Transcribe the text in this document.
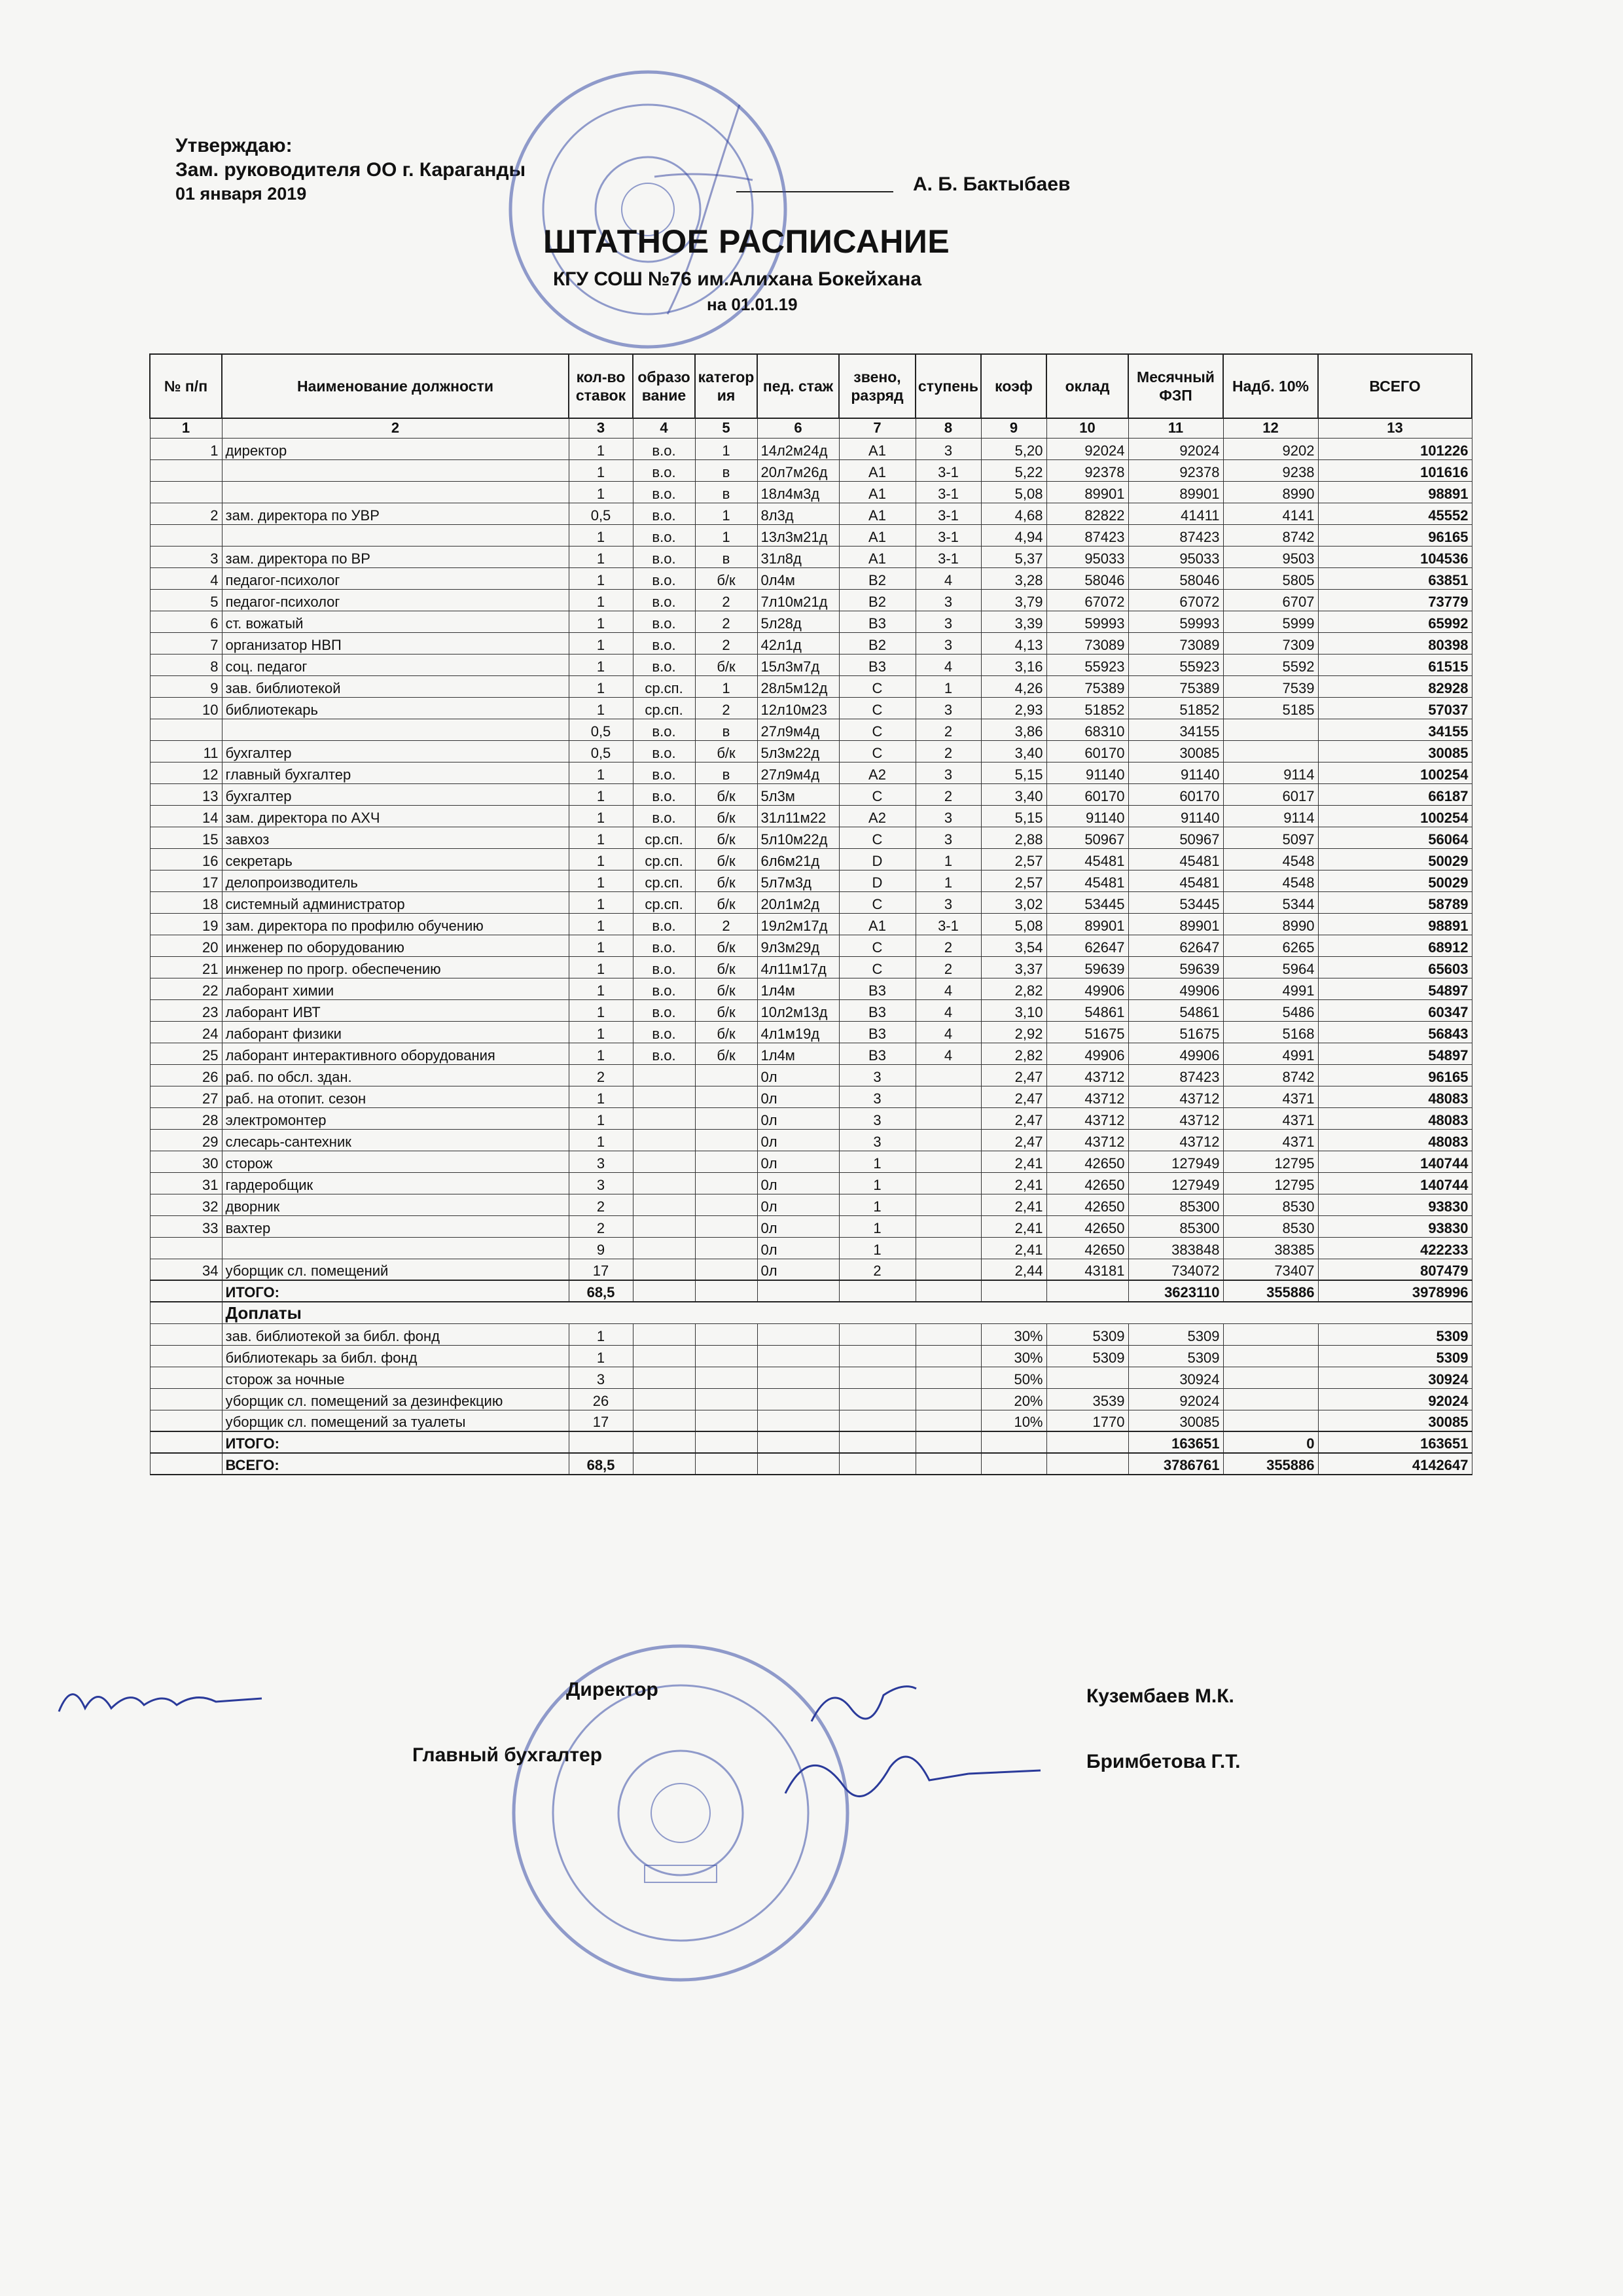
Утверждаю:
Зам. руководителя ОО г. Караганды
01 января 2019	А. Б. Бактыбаев
ШТАТНОЕ РАСПИСАНИЕ
КГУ СОШ №76 им.Алихана Бокейхана
на 01.01.19
№ п/п	Наименование должности	кол-во ставок	образо вание	категор ия	пед. стаж	звено, разряд	ступень	коэф	оклад	Месячный ФЗП	Надб. 10%	ВСЕГО
1	2	3	4	5	6	7	8	9	10	11	12	13
1	директор	1	в.о.	1	14л2м24д	A1	3	5,20	92024	92024	9202	101226
		1	в.о.	в	20л7м26д	A1	3-1	5,22	92378	92378	9238	101616
		1	в.о.	в	18л4м3д	A1	3-1	5,08	89901	89901	8990	98891
2	зам. директора по УВР	0,5	в.о.	1	8л3д	A1	3-1	4,68	82822	41411	4141	45552
		1	в.о.	1	13л3м21д	A1	3-1	4,94	87423	87423	8742	96165
3	зам. директора по ВР	1	в.о.	в	31л8д	A1	3-1	5,37	95033	95033	9503	104536
4	педагог-психолог	1	в.о.	б/к	0л4м	B2	4	3,28	58046	58046	5805	63851
5	педагог-психолог	1	в.о.	2	7л10м21д	B2	3	3,79	67072	67072	6707	73779
6	ст. вожатый	1	в.о.	2	5л28д	B3	3	3,39	59993	59993	5999	65992
7	организатор НВП	1	в.о.	2	42л1д	B2	3	4,13	73089	73089	7309	80398
8	соц. педагог	1	в.о.	б/к	15л3м7д	B3	4	3,16	55923	55923	5592	61515
9	зав. библиотекой	1	ср.сп.	1	28л5м12д	C	1	4,26	75389	75389	7539	82928
10	библиотекарь	1	ср.сп.	2	12л10м23	C	3	2,93	51852	51852	5185	57037
		0,5	в.о.	в	27л9м4д	C	2	3,86	68310	34155		34155
11	бухгалтер	0,5	в.о.	б/к	5л3м22д	C	2	3,40	60170	30085		30085
12	главный бухгалтер	1	в.о.	в	27л9м4д	A2	3	5,15	91140	91140	9114	100254
13	бухгалтер	1	в.о.	б/к	5л3м	C	2	3,40	60170	60170	6017	66187
14	зам. директора по АХЧ	1	в.о.	б/к	31л11м22	A2	3	5,15	91140	91140	9114	100254
15	завхоз	1	ср.сп.	б/к	5л10м22д	C	3	2,88	50967	50967	5097	56064
16	секретарь	1	ср.сп.	б/к	6л6м21д	D	1	2,57	45481	45481	4548	50029
17	делопроизводитель	1	ср.сп.	б/к	5л7м3д	D	1	2,57	45481	45481	4548	50029
18	системный администратор	1	ср.сп.	б/к	20л1м2д	C	3	3,02	53445	53445	5344	58789
19	зам. директора по профилю обучению	1	в.о.	2	19л2м17д	A1	3-1	5,08	89901	89901	8990	98891
20	инженер по оборудованию	1	в.о.	б/к	9л3м29д	C	2	3,54	62647	62647	6265	68912
21	инженер по прогр. обеспечению	1	в.о.	б/к	4л11м17д	C	2	3,37	59639	59639	5964	65603
22	лаборант химии	1	в.о.	б/к	1л4м	B3	4	2,82	49906	49906	4991	54897
23	лаборант ИВТ	1	в.о.	б/к	10л2м13д	B3	4	3,10	54861	54861	5486	60347
24	лаборант физики	1	в.о.	б/к	4л1м19д	B3	4	2,92	51675	51675	5168	56843
25	лаборант интерактивного оборудования	1	в.о.	б/к	1л4м	B3	4	2,82	49906	49906	4991	54897
26	раб. по обсл. здан.	2			0л	3		2,47	43712	87423	8742	96165
27	раб. на отопит. сезон	1			0л	3		2,47	43712	43712	4371	48083
28	электромонтер	1			0л	3		2,47	43712	43712	4371	48083
29	слесарь-сантехник	1			0л	3		2,47	43712	43712	4371	48083
30	сторож	3			0л	1		2,41	42650	127949	12795	140744
31	гардеробщик	3			0л	1		2,41	42650	127949	12795	140744
32	дворник	2			0л	1		2,41	42650	85300	8530	93830
33	вахтер	2			0л	1		2,41	42650	85300	8530	93830
		9			0л	1		2,41	42650	383848	38385	422233
34	уборщик сл. помещений	17			0л	2		2,44	43181	734072	73407	807479
	ИТОГО:	68,5								3623110	355886	3978996
	Доплаты											
	зав. библиотекой за библ. фонд	1						30%	5309	5309		5309
	библиотекарь за библ. фонд	1						30%	5309	5309		5309
	сторож за ночные	3						50%		30924		30924
	уборщик сл. помещений за дезинфекцию	26						20%	3539	92024		92024
	уборщик сл. помещений за туалеты	17						10%	1770	30085		30085
	ИТОГО:									163651	0	163651
	ВСЕГО:	68,5								3786761	355886	4142647
Директор	Кузембаев М.К.
Главный бухгалтер	Бримбетова Г.Т.
